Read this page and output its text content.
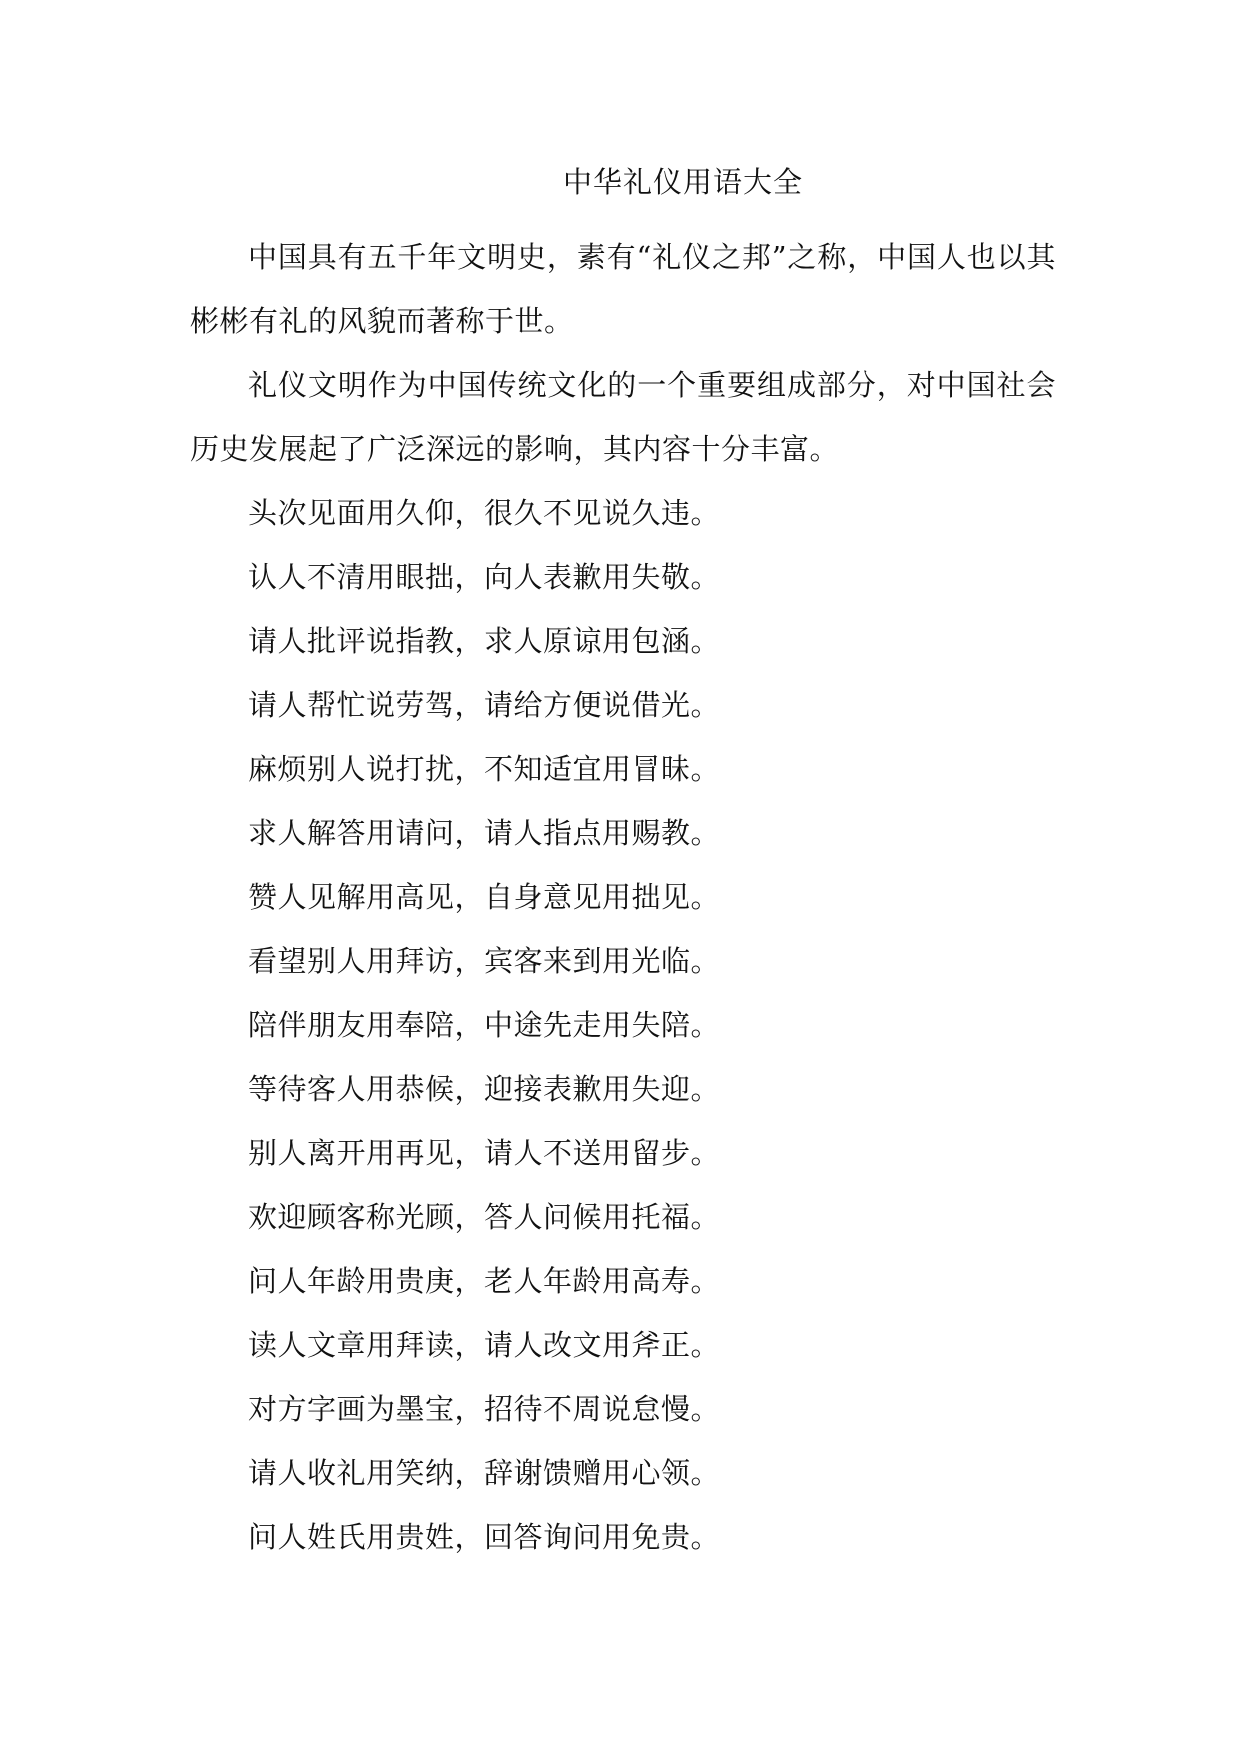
中华礼仪用语大全

中国具有五千年文明史，素有“礼仪之邦”之称，中国人也以其彬彬有礼的风貌而著称于世。

礼仪文明作为中国传统文化的一个重要组成部分，对中国社会历史发展起了广泛深远的影响，其内容十分丰富。

头次见面用久仰，很久不见说久违。

认人不清用眼拙，向人表歉用失敬。

请人批评说指教，求人原谅用包涵。

请人帮忙说劳驾，请给方便说借光。

麻烦别人说打扰，不知适宜用冒昧。

求人解答用请问，请人指点用赐教。

赞人见解用高见，自身意见用拙见。

看望别人用拜访，宾客来到用光临。

陪伴朋友用奉陪，中途先走用失陪。

等待客人用恭候，迎接表歉用失迎。

别人离开用再见，请人不送用留步。

欢迎顾客称光顾，答人问候用托福。

问人年龄用贵庚，老人年龄用高寿。

读人文章用拜读，请人改文用斧正。

对方字画为墨宝，招待不周说怠慢。

请人收礼用笑纳，辞谢馈赠用心领。

问人姓氏用贵姓，回答询问用免贵。
